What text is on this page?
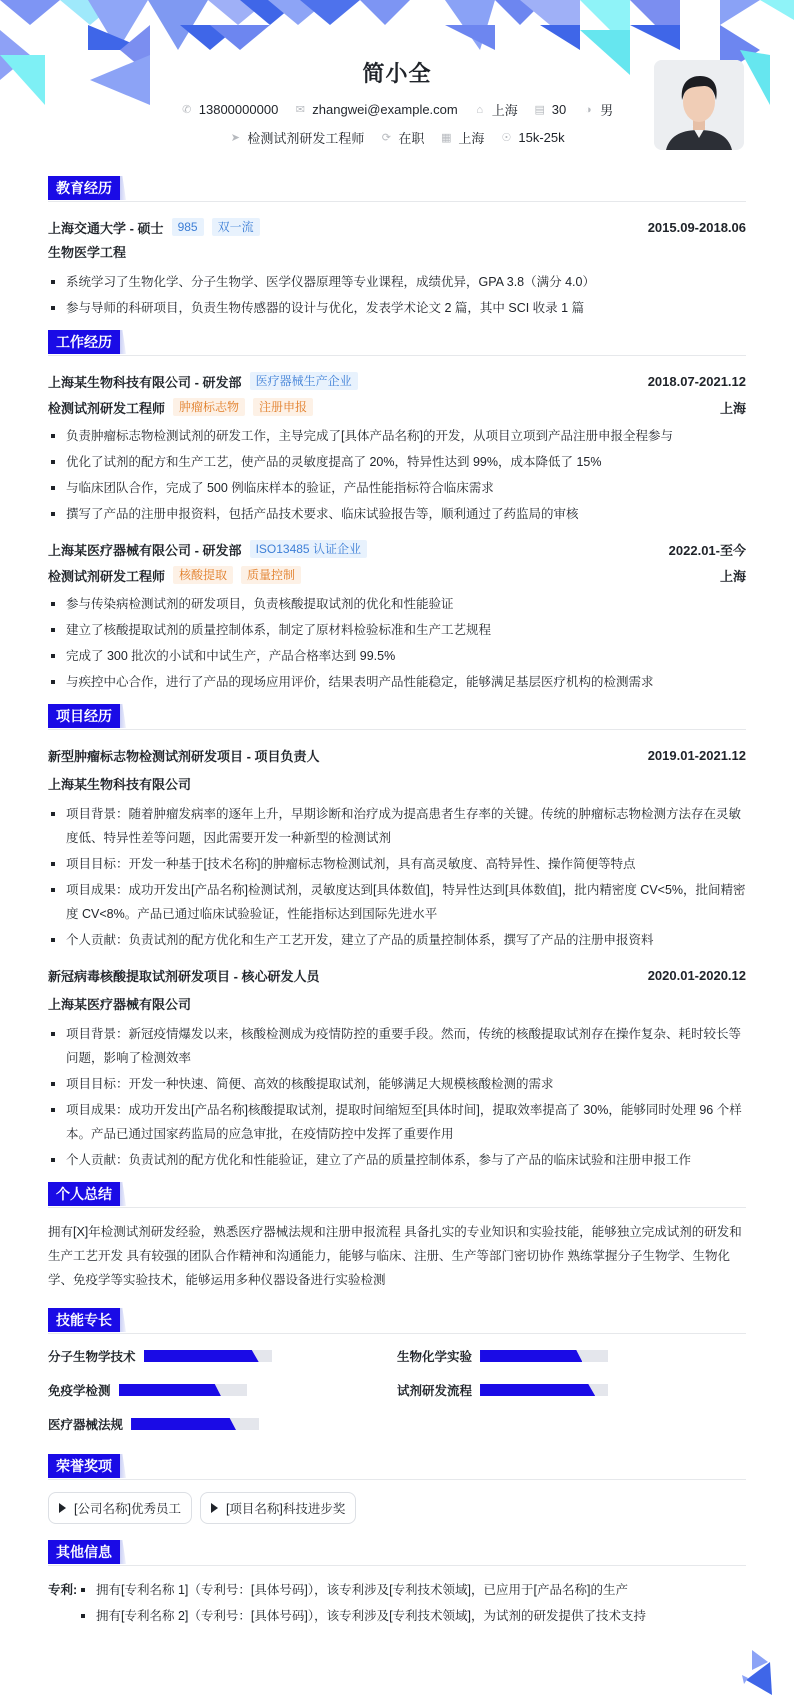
简小全
✆ 13800000000 ✉ zhangwei@example.com ⌂ 上海 ▤ 30 ◑ 男
➤ 检测试剂研发工程师 ⟳ 在职 ▦ 上海 ☉ 15k-25k
教育经历
上海交通大学 - 硕士	985	双一流	2015.09-2018.06
生物医学工程
系统学习了生物化学、分子生物学、医学仪器原理等专业课程，成绩优异，GPA 3.8（满分 4.0）
参与导师的科研项目，负责生物传感器的设计与优化，发表学术论文 2 篇，其中 SCI 收录 1 篇
工作经历
上海某生物科技有限公司 - 研发部	医疗器械生产企业	2018.07-2021.12
检测试剂研发工程师	肿瘤标志物	注册申报	上海
负责肿瘤标志物检测试剂的研发工作，主导完成了[具体产品名称]的开发，从项目立项到产品注册申报全程参与
优化了试剂的配方和生产工艺，使产品的灵敏度提高了 20%，特异性达到 99%，成本降低了 15%
与临床团队合作，完成了 500 例临床样本的验证，产品性能指标符合临床需求
撰写了产品的注册申报资料，包括产品技术要求、临床试验报告等，顺利通过了药监局的审核
上海某医疗器械有限公司 - 研发部	ISO13485 认证企业	2022.01-至今
检测试剂研发工程师	核酸提取	质量控制	上海
参与传染病检测试剂的研发项目，负责核酸提取试剂的优化和性能验证
建立了核酸提取试剂的质量控制体系，制定了原材料检验标准和生产工艺规程
完成了 300 批次的小试和中试生产，产品合格率达到 99.5%
与疾控中心合作，进行了产品的现场应用评价，结果表明产品性能稳定，能够满足基层医疗机构的检测需求
项目经历
新型肿瘤标志物检测试剂研发项目 - 项目负责人	2019.01-2021.12
上海某生物科技有限公司
项目背景：随着肿瘤发病率的逐年上升，早期诊断和治疗成为提高患者生存率的关键。传统的肿瘤标志物检测方法存在灵敏度低、特异性差等问题，因此需要开发一种新型的检测试剂
项目目标：开发一种基于[技术名称]的肿瘤标志物检测试剂，具有高灵敏度、高特异性、操作简便等特点
项目成果：成功开发出[产品名称]检测试剂，灵敏度达到[具体数值]，特异性达到[具体数值]，批内精密度 CV<5%，批间精密度 CV<8%。产品已通过临床试验验证，性能指标达到国际先进水平
个人贡献：负责试剂的配方优化和生产工艺开发，建立了产品的质量控制体系，撰写了产品的注册申报资料
新冠病毒核酸提取试剂研发项目 - 核心研发人员	2020.01-2020.12
上海某医疗器械有限公司
项目背景：新冠疫情爆发以来，核酸检测成为疫情防控的重要手段。然而，传统的核酸提取试剂存在操作复杂、耗时较长等问题，影响了检测效率
项目目标：开发一种快速、简便、高效的核酸提取试剂，能够满足大规模核酸检测的需求
项目成果：成功开发出[产品名称]核酸提取试剂，提取时间缩短至[具体时间]，提取效率提高了 30%，能够同时处理 96 个样本。产品已通过国家药监局的应急审批，在疫情防控中发挥了重要作用
个人贡献：负责试剂的配方优化和性能验证，建立了产品的质量控制体系，参与了产品的临床试验和注册申报工作
个人总结
拥有[X]年检测试剂研发经验，熟悉医疗器械法规和注册申报流程 具备扎实的专业知识和实验技能，能够独立完成试剂的研发和生产工艺开发 具有较强的团队合作精神和沟通能力，能够与临床、注册、生产等部门密切协作 熟练掌握分子生物学、生物化学、免疫学等实验技术，能够运用多种仪器设备进行实验检测
技能专长
分子生物学技术	生物化学实验
免疫学检测	试剂研发流程
医疗器械法规
荣誉奖项
[公司名称]优秀员工	[项目名称]科技进步奖
其他信息
专利:	拥有[专利名称 1]（专利号：[具体号码]），该专利涉及[专利技术领域]，已应用于[产品名称]的生产
拥有[专利名称 2]（专利号：[具体号码]），该专利涉及[专利技术领域]，为试剂的研发提供了技术支持
